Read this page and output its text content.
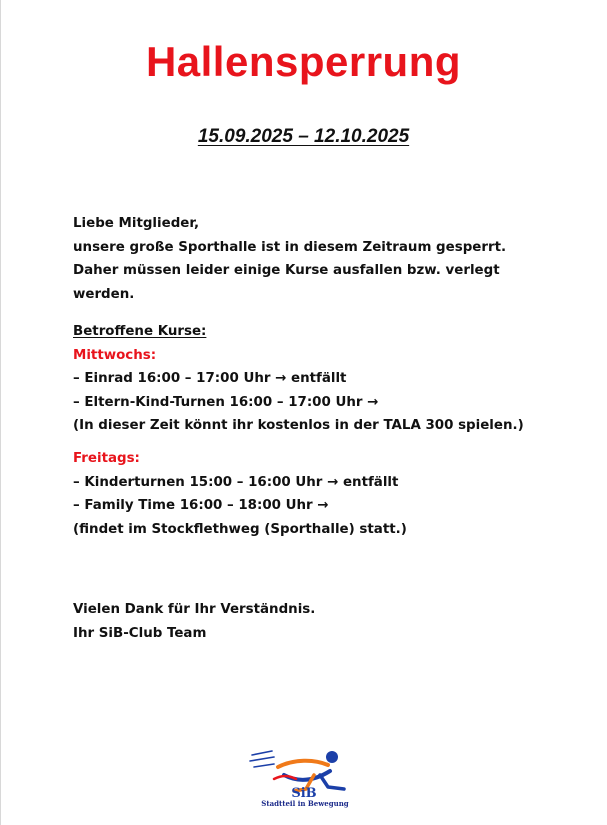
Hallensperrung
15.09.2025 – 12.10.2025
Liebe Mitglieder,
unsere große Sporthalle ist in diesem Zeitraum gesperrt.
Daher müssen leider einige Kurse ausfallen bzw. verlegt
werden.
Betroffene Kurse:
Mittwochs:
– Einrad 16:00 – 17:00 Uhr → entfällt
– Eltern-Kind-Turnen 16:00 – 17:00 Uhr →
(In dieser Zeit könnt ihr kostenlos in der TALA 300 spielen.)
Freitags:
– Kinderturnen 15:00 – 16:00 Uhr → entfällt
– Family Time 16:00 – 18:00 Uhr →
(findet im Stockflethweg (Sporthalle) statt.)
Vielen Dank für Ihr Verständnis.
Ihr SiB-Club Team
SiB
Stadtteil in Bewegung
